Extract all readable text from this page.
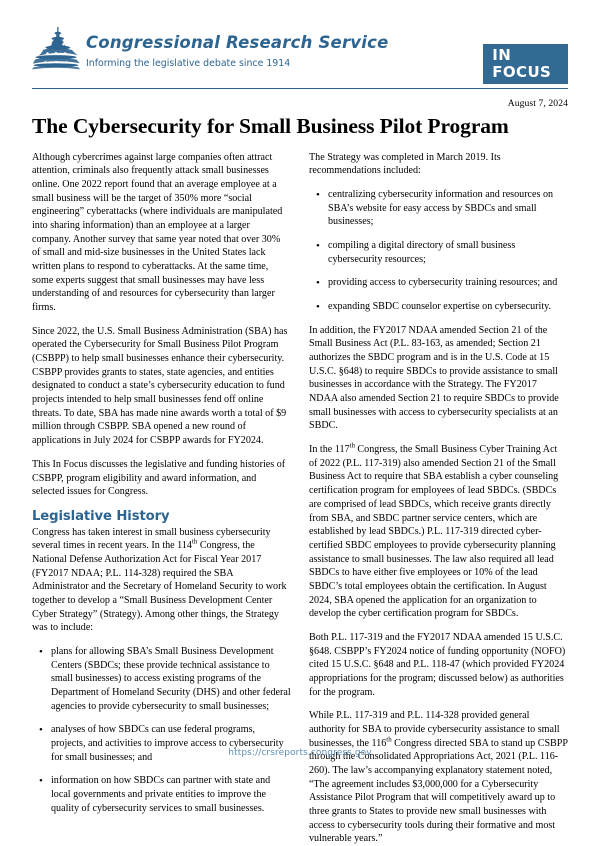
Congressional Research Service Informing the legislative debate since 1914	IN FOCUS
August 7, 2024
The Cybersecurity for Small Business Pilot Program

Although cybercrimes against large companies often attract attention, criminals also frequently attack small businesses online. One 2022 report found that an average employee at a small business will be the target of 350% more “social engineering” cyberattacks (where individuals are manipulated into sharing information) than an employee at a larger company. Another survey that same year noted that over 30% of small and mid-size businesses in the United States lack written plans to respond to cyberattacks. At the same time, some experts suggest that small businesses may have less understanding of and resources for cybersecurity than larger firms.

Since 2022, the U.S. Small Business Administration (SBA) has operated the Cybersecurity for Small Business Pilot Program (CSBPP) to help small businesses enhance their cybersecurity. CSBPP provides grants to states, state agencies, and entities designated to conduct a state’s cybersecurity education to fund projects intended to help small businesses fend off online threats. To date, SBA has made nine awards worth a total of $9 million through CSBPP. SBA opened a new round of applications in July 2024 for CSBPP awards for FY2024.

This In Focus discusses the legislative and funding histories of CSBPP, program eligibility and award information, and selected issues for Congress.

Legislative History

Congress has taken interest in small business cybersecurity several times in recent years. In the 114th Congress, the National Defense Authorization Act for Fiscal Year 2017 (FY2017 NDAA; P.L. 114-328) required the SBA Administrator and the Secretary of Homeland Security to work together to develop a “Small Business Development Center Cyber Strategy” (Strategy). Among other things, the Strategy was to include:

• plans for allowing SBA’s Small Business Development Centers (SBDCs; these provide technical assistance to small businesses) to access existing programs of the Department of Homeland Security (DHS) and other federal agencies to provide cybersecurity to small businesses;
• analyses of how SBDCs can use federal programs, projects, and activities to improve access to cybersecurity for small businesses; and
• information on how SBDCs can partner with state and local governments and private entities to improve the quality of cybersecurity services to small businesses.

The Strategy was completed in March 2019. Its recommendations included:

• centralizing cybersecurity information and resources on SBA’s website for easy access by SBDCs and small businesses;
• compiling a digital directory of small business cybersecurity resources;
• providing access to cybersecurity training resources; and
• expanding SBDC counselor expertise on cybersecurity.

In addition, the FY2017 NDAA amended Section 21 of the Small Business Act (P.L. 83-163, as amended; Section 21 authorizes the SBDC program and is in the U.S. Code at 15 U.S.C. §648) to require SBDCs to provide assistance to small businesses in accordance with the Strategy. The FY2017 NDAA also amended Section 21 to require SBDCs to provide small businesses with access to cybersecurity specialists at an SBDC.

In the 117th Congress, the Small Business Cyber Training Act of 2022 (P.L. 117-319) also amended Section 21 of the Small Business Act to require that SBA establish a cyber counseling certification program for employees of lead SBDCs. (SBDCs are comprised of lead SBDCs, which receive grants directly from SBA, and SBDC partner service centers, which are established by lead SBDCs.) P.L. 117-319 directed cyber-certified SBDC employees to provide cybersecurity planning assistance to small businesses. The law also required all lead SBDCs to have either five employees or 10% of the lead SBDC’s total employees obtain the certification. In August 2024, SBA opened the application for an organization to develop the cyber certification program for SBDCs.

Both P.L. 117-319 and the FY2017 NDAA amended 15 U.S.C. §648. CSBPP’s FY2024 notice of funding opportunity (NOFO) cited 15 U.S.C. §648 and P.L. 118-47 (which provided FY2024 appropriations for the program; discussed below) as authorities for the program.

While P.L. 117-319 and P.L. 114-328 provided general authority for SBA to provide cybersecurity assistance to small businesses, the 116th Congress directed SBA to stand up CSBPP through the Consolidated Appropriations Act, 2021 (P.L. 116-260). The law’s accompanying explanatory statement noted, “The agreement includes $3,000,000 for a Cybersecurity Assistance Pilot Program that will competitively award up to three grants to States to provide new small businesses with access to cybersecurity tools during their formative and most vulnerable years.”

https://crsreports.congress.gov
